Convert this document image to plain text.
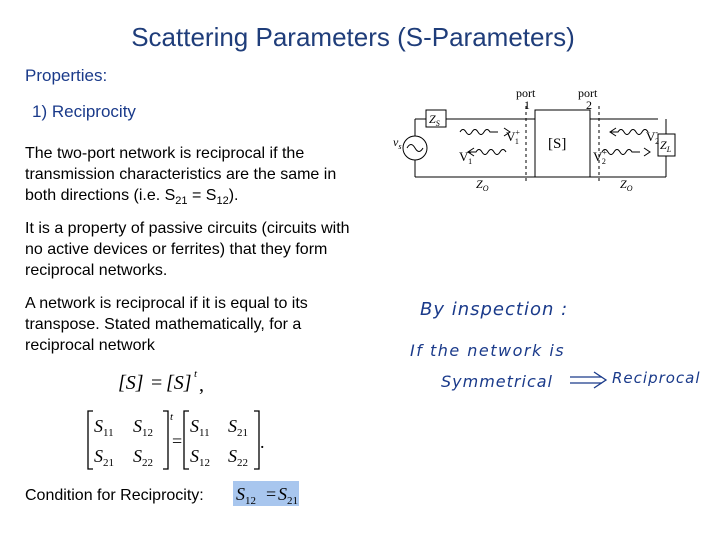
Scattering Parameters (S-Parameters)
Properties:
1) Reciprocity
The two-port network is reciprocal if the
transmission characteristics are the same in
both directions (i.e. $S_{21} = S_{12}$).
It is a property of passive circuits (circuits with
no active devices or ferrites) that they form
reciprocal networks.
A network is reciprocal if it is equal to its
transpose. Stated mathematically, for a
reciprocal network
[S] = [S] t ,
$S_{11}$ $S_{12}$
$S_{21}$ $S_{22}$
$S_{11}$ $S_{21}$
$S_{12}$ $S_{22}$
t
=	.
Condition for Reciprocity: $S_{12} = S_{21}$
port
1
port
2
$v_s$
$Z_S$
$Z_L$
$Z_O$	$Z_O$
[S]
V+ 1
V-1
V-2
V+ 2
By inspection :
If the network is
Symmetrical	Reciprocal
